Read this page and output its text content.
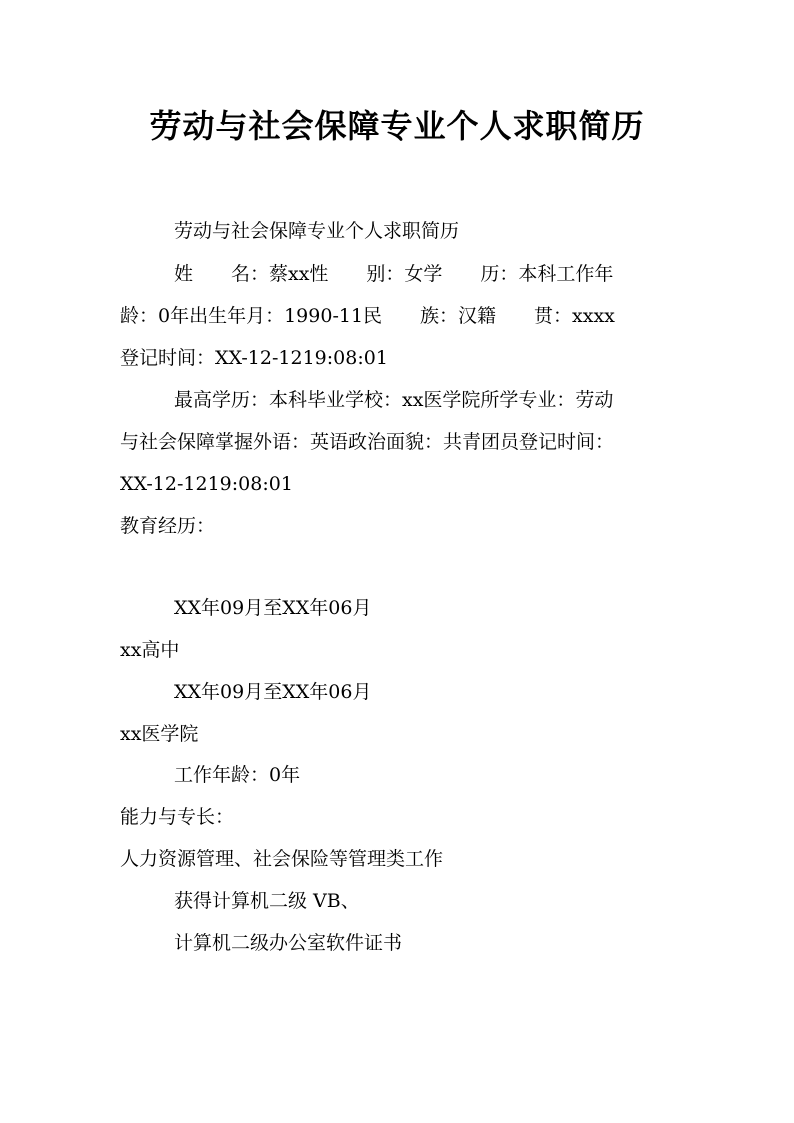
劳动与社会保障专业个人求职简历
劳动与社会保障专业个人求职简历
姓　　名：蔡xx性　　别：女学　　历：本科工作年
龄：0年出生年月：1990-11民　　族：汉籍　　贯：xxxx
登记时间：XX-12-1219:08:01
最高学历：本科毕业学校：xx医学院所学专业：劳动
与社会保障掌握外语：英语政治面貌：共青团员登记时间：
XX-12-1219:08:01
教育经历：
XX年09月至XX年06月
xx高中
XX年09月至XX年06月
xx医学院
工作年龄：0年
能力与专长：
人力资源管理、社会保险等管理类工作
获得计算机二级 VB、
计算机二级办公室软件证书
